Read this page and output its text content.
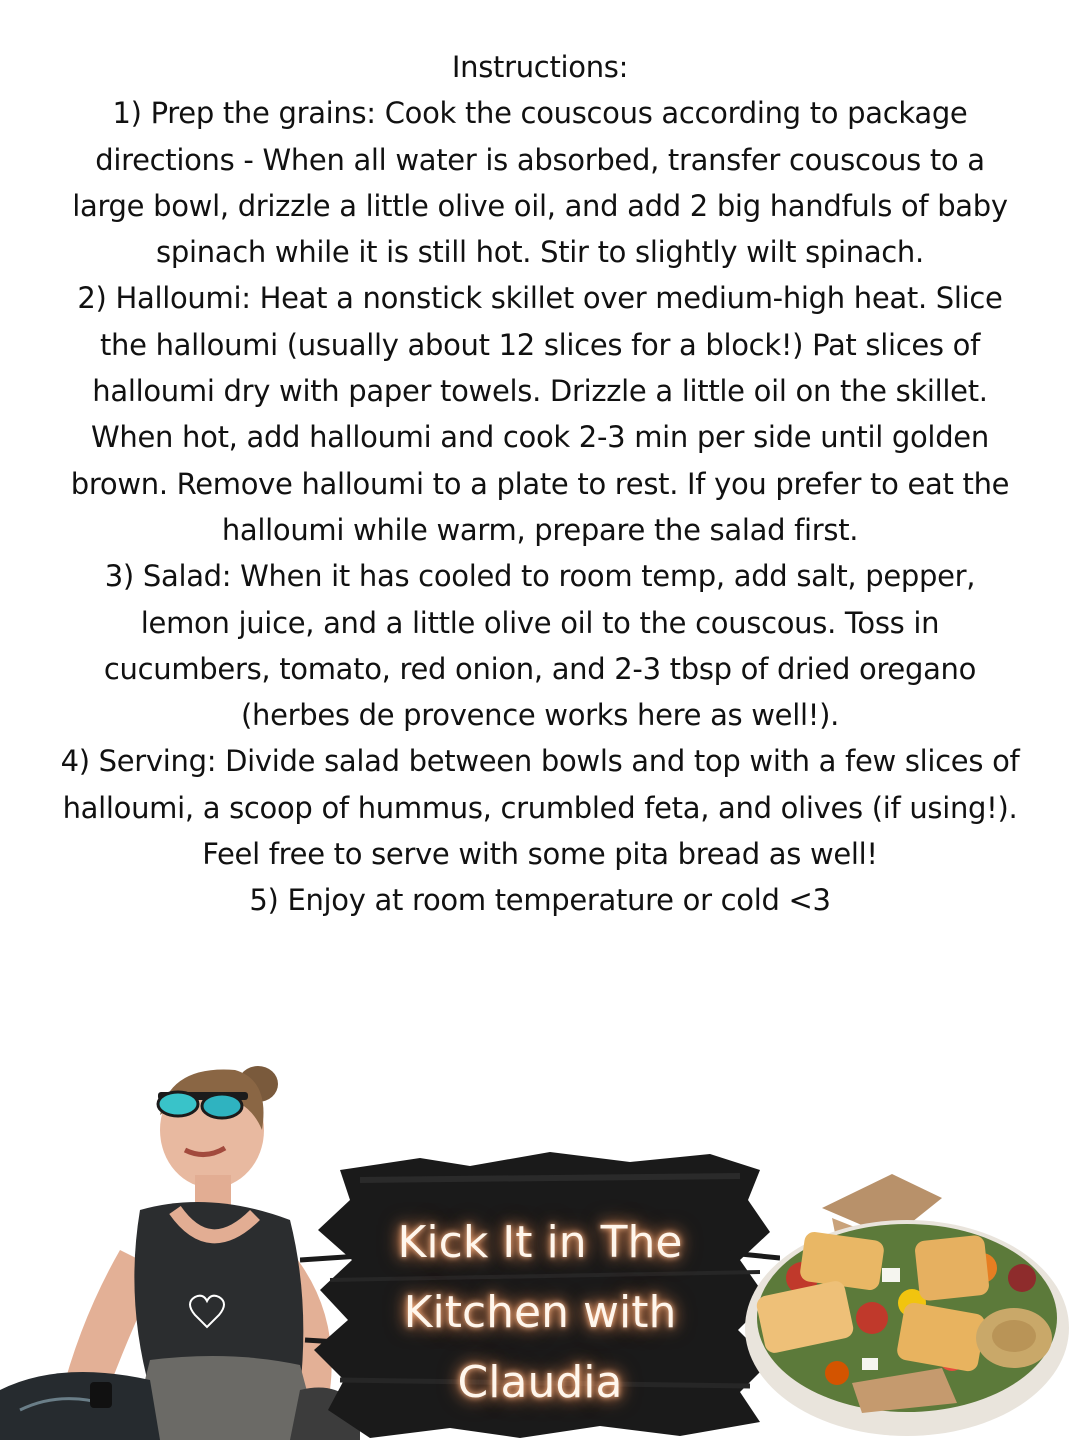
Instructions:

1) Prep the grains: Cook the couscous according to package directions - When all water is absorbed, transfer couscous to a large bowl, drizzle a little olive oil, and add 2 big handfuls of baby spinach while it is still hot. Stir to slightly wilt spinach.

2) Halloumi: Heat a nonstick skillet over medium-high heat. Slice the halloumi (usually about 12 slices for a block!) Pat slices of halloumi dry with paper towels. Drizzle a little oil on the skillet. When hot, add halloumi and cook 2-3 min per side until golden brown. Remove halloumi to a plate to rest. If you prefer to eat the halloumi while warm, prepare the salad first.

3) Salad: When it has cooled to room temp, add salt, pepper, lemon juice, and a little olive oil to the couscous. Toss in cucumbers, tomato, red onion, and 2-3 tbsp of dried oregano (herbes de provence works here as well!).

4) Serving: Divide salad between bowls and top with a few slices of halloumi, a scoop of hummus, crumbled feta, and olives (if using!). Feel free to serve with some pita bread as well!

5) Enjoy at room temperature or cold <3

Kick It in The

Kitchen with

Claudia
